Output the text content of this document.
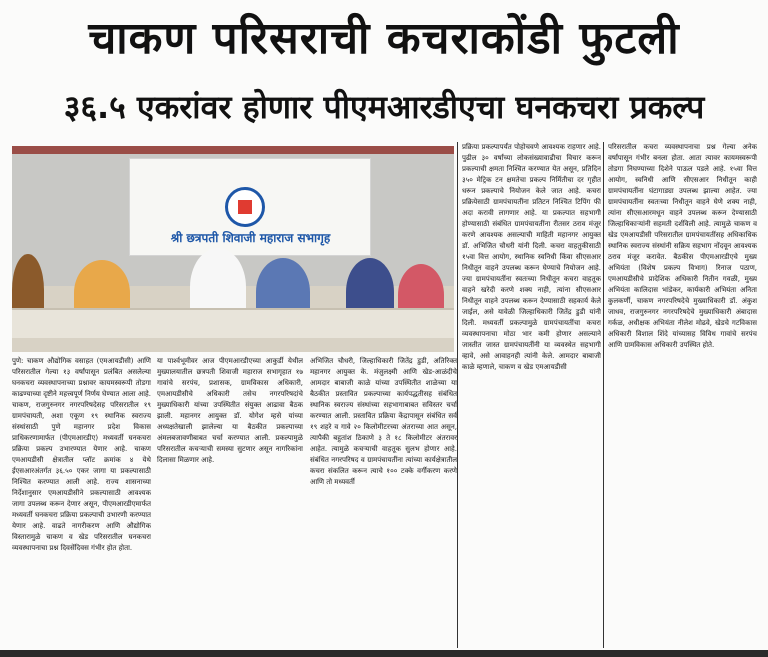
चाकण परिसराची कचराकोंडी फुटली
३६.५ एकरांवर होणार पीएमआरडीएचा घनकचरा प्रकल्प
श्री छत्रपती शिवाजी महाराज सभागृह
पुणे: चाकण औद्योगिक वसाहत (एमआयडीसी) आणि परिसरातील गेल्या १३ वर्षांपासून प्रलंबित असलेल्या घनकचरा व्यवस्थापनाच्या प्रश्नावर कायमस्वरूपी तोडगा काढण्याच्या दृष्टीने महत्त्वपूर्ण निर्णय घेण्यात आला आहे. चाकण, राजगुरुनगर नगरपरिषदेसह परिसरातील १९ ग्रामपंचायती, अशा एकूण १९ स्थानिक स्वराज्य संस्थांसाठी पुणे महानगर प्रदेश विकास प्राधिकरणामार्फत (पीएमआरडीए) मध्यवर्ती घनकचरा प्रक्रिया प्रकल्प उभारण्यात येणार आहे. चाकण एमआयडीसी क्षेत्रातील प्लॉट क्रमांक ४ येथे ईएसआरअंतर्गत ३६.५० एकर जागा या प्रकल्पासाठी निश्चित करण्यात आली आहे. राज्य शासनाच्या निर्देशानुसार एमआयडीसीने प्रकल्पासाठी आवश्यक जागा उपलब्ध करून देणार असून, पीएमआरडीएमार्फत मध्यवर्ती घनकचरा प्रक्रिया प्रकल्पाची उभारणी करण्यात येणार आहे. वाढते नागरीकरण आणि औद्योगिक विस्तारामुळे चाकण व खेड परिसरातील घनकचरा व्यवस्थापनाचा प्रश्न दिवसेंदिवस गंभीर होत होता.
या पार्श्वभूमीवर आज पीएमआरडीएच्या आकुर्डी येथील मुख्यालयातील छत्रपती शिवाजी महाराज सभागृहात १७ गावांचे सरपंच, प्रशासक, ग्रामविकास अधिकारी, एमआयडीसीचे अधिकारी तसेच नगरपरिषदांचे मुख्याधिकारी यांच्या उपस्थितीत संयुक्त आढावा बैठक झाली. महानगर आयुक्त डॉ. योगेश म्हसे यांच्या अध्यक्षतेखाली झालेल्या या बैठकीत प्रकल्पाच्या अंमलबजावणीबाबत चर्चा करण्यात आली. प्रकल्पामुळे परिसरातील कचऱ्याची समस्या सुटणार असून नागरिकांना दिलासा मिळणार आहे.
अभिजित चौधरी, जिल्हाधिकारी जितेंद्र डुडी, अतिरिक्त महानगर आयुक्त के. मंजुलक्ष्मी आणि खेड-आळंदीचे आमदार बाबाजी काळे यांच्या उपस्थितीत शाळेच्या या बैठकीत प्रस्तावित प्रकल्पाच्या कार्यपद्धतीसह संबंधित स्थानिक स्वराज्य संस्थांच्या सहभागाबाबत सविस्तर चर्चा करण्यात आली. प्रस्तावित प्रक्रिया केंद्रापासून संबंधित सर्व १९ शहरे व गावे २० किलोमीटरच्या अंतराच्या आत असून, त्यापैकी बहुतांश ठिकाणे ३ ते १८ किलोमीटर अंतरावर आहेत. त्यामुळे कचऱ्याची वाहतूक सुलभ होणार आहे. संबंधित नगरपरिषद व ग्रामपंचायतींना त्यांच्या कार्यक्षेत्रातील कचरा संकलित करून त्याचे १०० टक्के वर्गीकरण करणे आणि तो मध्यवर्ती
प्रक्रिया प्रकल्पापर्यंत पोहोचवणे आवश्यक राहणार आहे. पुढील ३० वर्षांच्या लोकसंख्यावाढीचा विचार करून प्रकल्पाची क्षमता निश्चित करण्यात येत असून, प्रतिदिन ३५० मेट्रिक टन क्षमतेचा प्रकल्प निर्मितीचा दर गृहीत धरून प्रकल्पाचे नियोजन केले जात आहे. कचरा प्रक्रियेसाठी ग्रामपंचायतींना प्रतिटन निश्चित टिपिंग फी अदा करावी लागणार आहे. या प्रकल्पात सहभागी होण्यासाठी संबंधित ग्रामपंचायतींना रीतसर ठराव मंजूर करणे आवश्यक असल्याची माहिती महानगर आयुक्त डॉ. अभिजित चौधरी यांनी दिली. कचरा वाहतुकीसाठी १५वा वित्त आयोग, स्थानिक स्वनिधी किंवा सीएसआर निधीतून वाहने उपलब्ध करून घेण्याचे नियोजन आहे. ज्या ग्रामपंचायतींना स्वतःच्या निधीतून कचरा वाहतूक वाहने खरेदी करणे शक्य नाही, त्यांना सीएसआर निधीतून वाहने उपलब्ध करून देण्यासाठी सहकार्य केले जाईल, असे यावेळी जिल्हाधिकारी जितेंद्र डुडी यांनी दिली. मध्यवर्ती प्रकल्पामुळे ग्रामपंचायतींचा कचरा व्यवस्थापनाचा मोठा भार कमी होणार असल्याने जास्तीत जास्त ग्रामपंचायतींनी या व्यवस्थेत सहभागी व्हावे, असे आवाहनही त्यांनी केले. आमदार बाबाजी काळे म्हणाले, चाकण व खेड एमआयडीसी
परिसरातील कचरा व्यवस्थापनाचा प्रश्न गेल्या अनेक वर्षांपासून गंभीर बनला होता. आता त्यावर कायमस्वरूपी तोडगा निघण्याच्या दिशेने पाऊल पडले आहे. १५वा वित्त आयोग, स्वनिधी आणि सीएसआर निधीतून काही ग्रामपंचायतींना घंटागाड्या उपलब्ध झाल्या आहेत. ज्या ग्रामपंचायतींना स्वतःच्या निधीतून वाहने घेणे शक्य नाही, त्यांना सीएसआरमधून वाहने उपलब्ध करून देण्यासाठी जिल्हाधिकाऱ्यांनी सहमती दर्शविली आहे. त्यामुळे चाकण व खेड एमआयडीसी परिसरातील ग्रामपंचायतींसह अधिकाधिक स्थानिक स्वराज्य संस्थांनी सक्रिय सहभाग नोंदवून आवश्यक ठराव मंजूर करावेत. बैठकीस पीएमआरडीएचे मुख्य अभियंता (विशेष प्रकल्प विभाग) रिनाज पठाण, एमआयडीसीचे प्रादेशिक अधिकारी नितीन गवळी, मुख्य अभियंता कालिदास भांडेकर, कार्यकारी अभियंता अनिता कुलकर्णी, चाकण नगरपरिषदेचे मुख्याधिकारी डॉ. अंकुश जाधव, राजगुरुनगर नगरपरिषदेचे मुख्याधिकारी अंबादास गर्कळ, अधीक्षक अभियंता नीलेश मोढवे, खेडचे गटविकास अधिकारी विशाल शिंदे यांच्यासह विविध गावांचे सरपंच आणि ग्रामविकास अधिकारी उपस्थित होते.
